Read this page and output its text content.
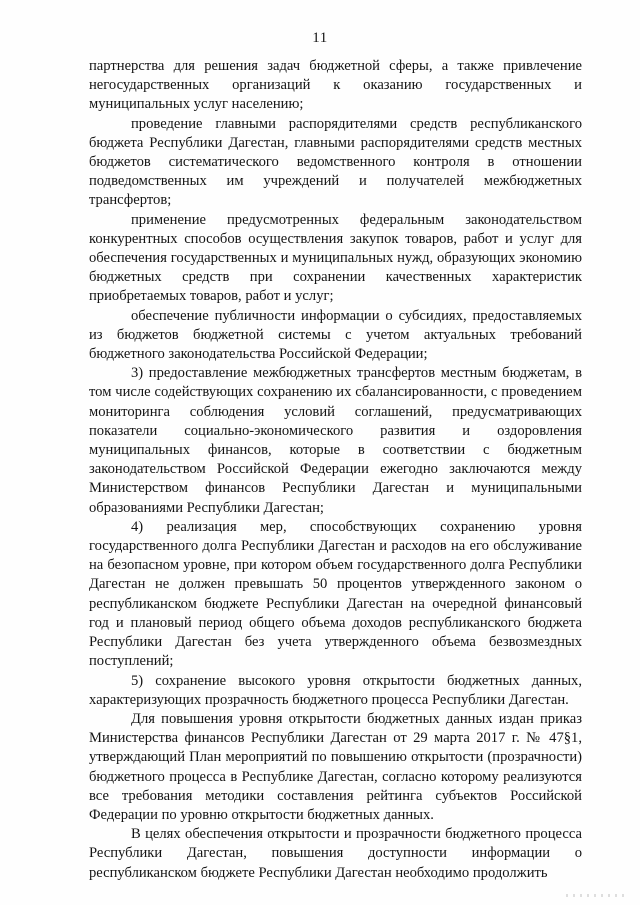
11

партнерства для решения задач бюджетной сферы, а также привлечение негосударственных организаций к оказанию государственных и муниципальных услуг населению;

проведение главными распорядителями средств республиканского бюджета Республики Дагестан, главными распорядителями средств местных бюджетов систематического ведомственного контроля в отношении подведомственных им учреждений и получателей межбюджетных трансфертов;

применение предусмотренных федеральным законодательством конкурентных способов осуществления закупок товаров, работ и услуг для обеспечения государственных и муниципальных нужд, образующих экономию бюджетных средств при сохранении качественных характеристик приобретаемых товаров, работ и услуг;

обеспечение публичности информации о субсидиях, предоставляемых из бюджетов бюджетной системы с учетом актуальных требований бюджетного законодательства Российской Федерации;

3) предоставление межбюджетных трансфертов местным бюджетам, в том числе содействующих сохранению их сбалансированности, с проведением мониторинга соблюдения условий соглашений, предусматривающих показатели социально-экономического развития и оздоровления муниципальных финансов, которые в соответствии с бюджетным законодательством Российской Федерации ежегодно заключаются между Министерством финансов Республики Дагестан и муниципальными образованиями Республики Дагестан;

4) реализация мер, способствующих сохранению уровня государственного долга Республики Дагестан и расходов на его обслуживание на безопасном уровне, при котором объем государственного долга Республики Дагестан не должен превышать 50 процентов утвержденного законом о республиканском бюджете Республики Дагестан на очередной финансовый год и плановый период общего объема доходов республиканского бюджета Республики Дагестан без учета утвержденного объема безвозмездных поступлений;

5) сохранение высокого уровня открытости бюджетных данных, характеризующих прозрачность бюджетного процесса Республики Дагестан.

Для повышения уровня открытости бюджетных данных издан приказ Министерства финансов Республики Дагестан от 29 марта 2017 г. № 47§1, утверждающий План мероприятий по повышению открытости (прозрачности) бюджетного процесса в Республике Дагестан, согласно которому реализуются все требования методики составления рейтинга субъектов Российской Федерации по уровню открытости бюджетных данных.

В целях обеспечения открытости и прозрачности бюджетного процесса Республики Дагестан, повышения доступности информации о республиканском бюджете Республики Дагестан необходимо продолжить
